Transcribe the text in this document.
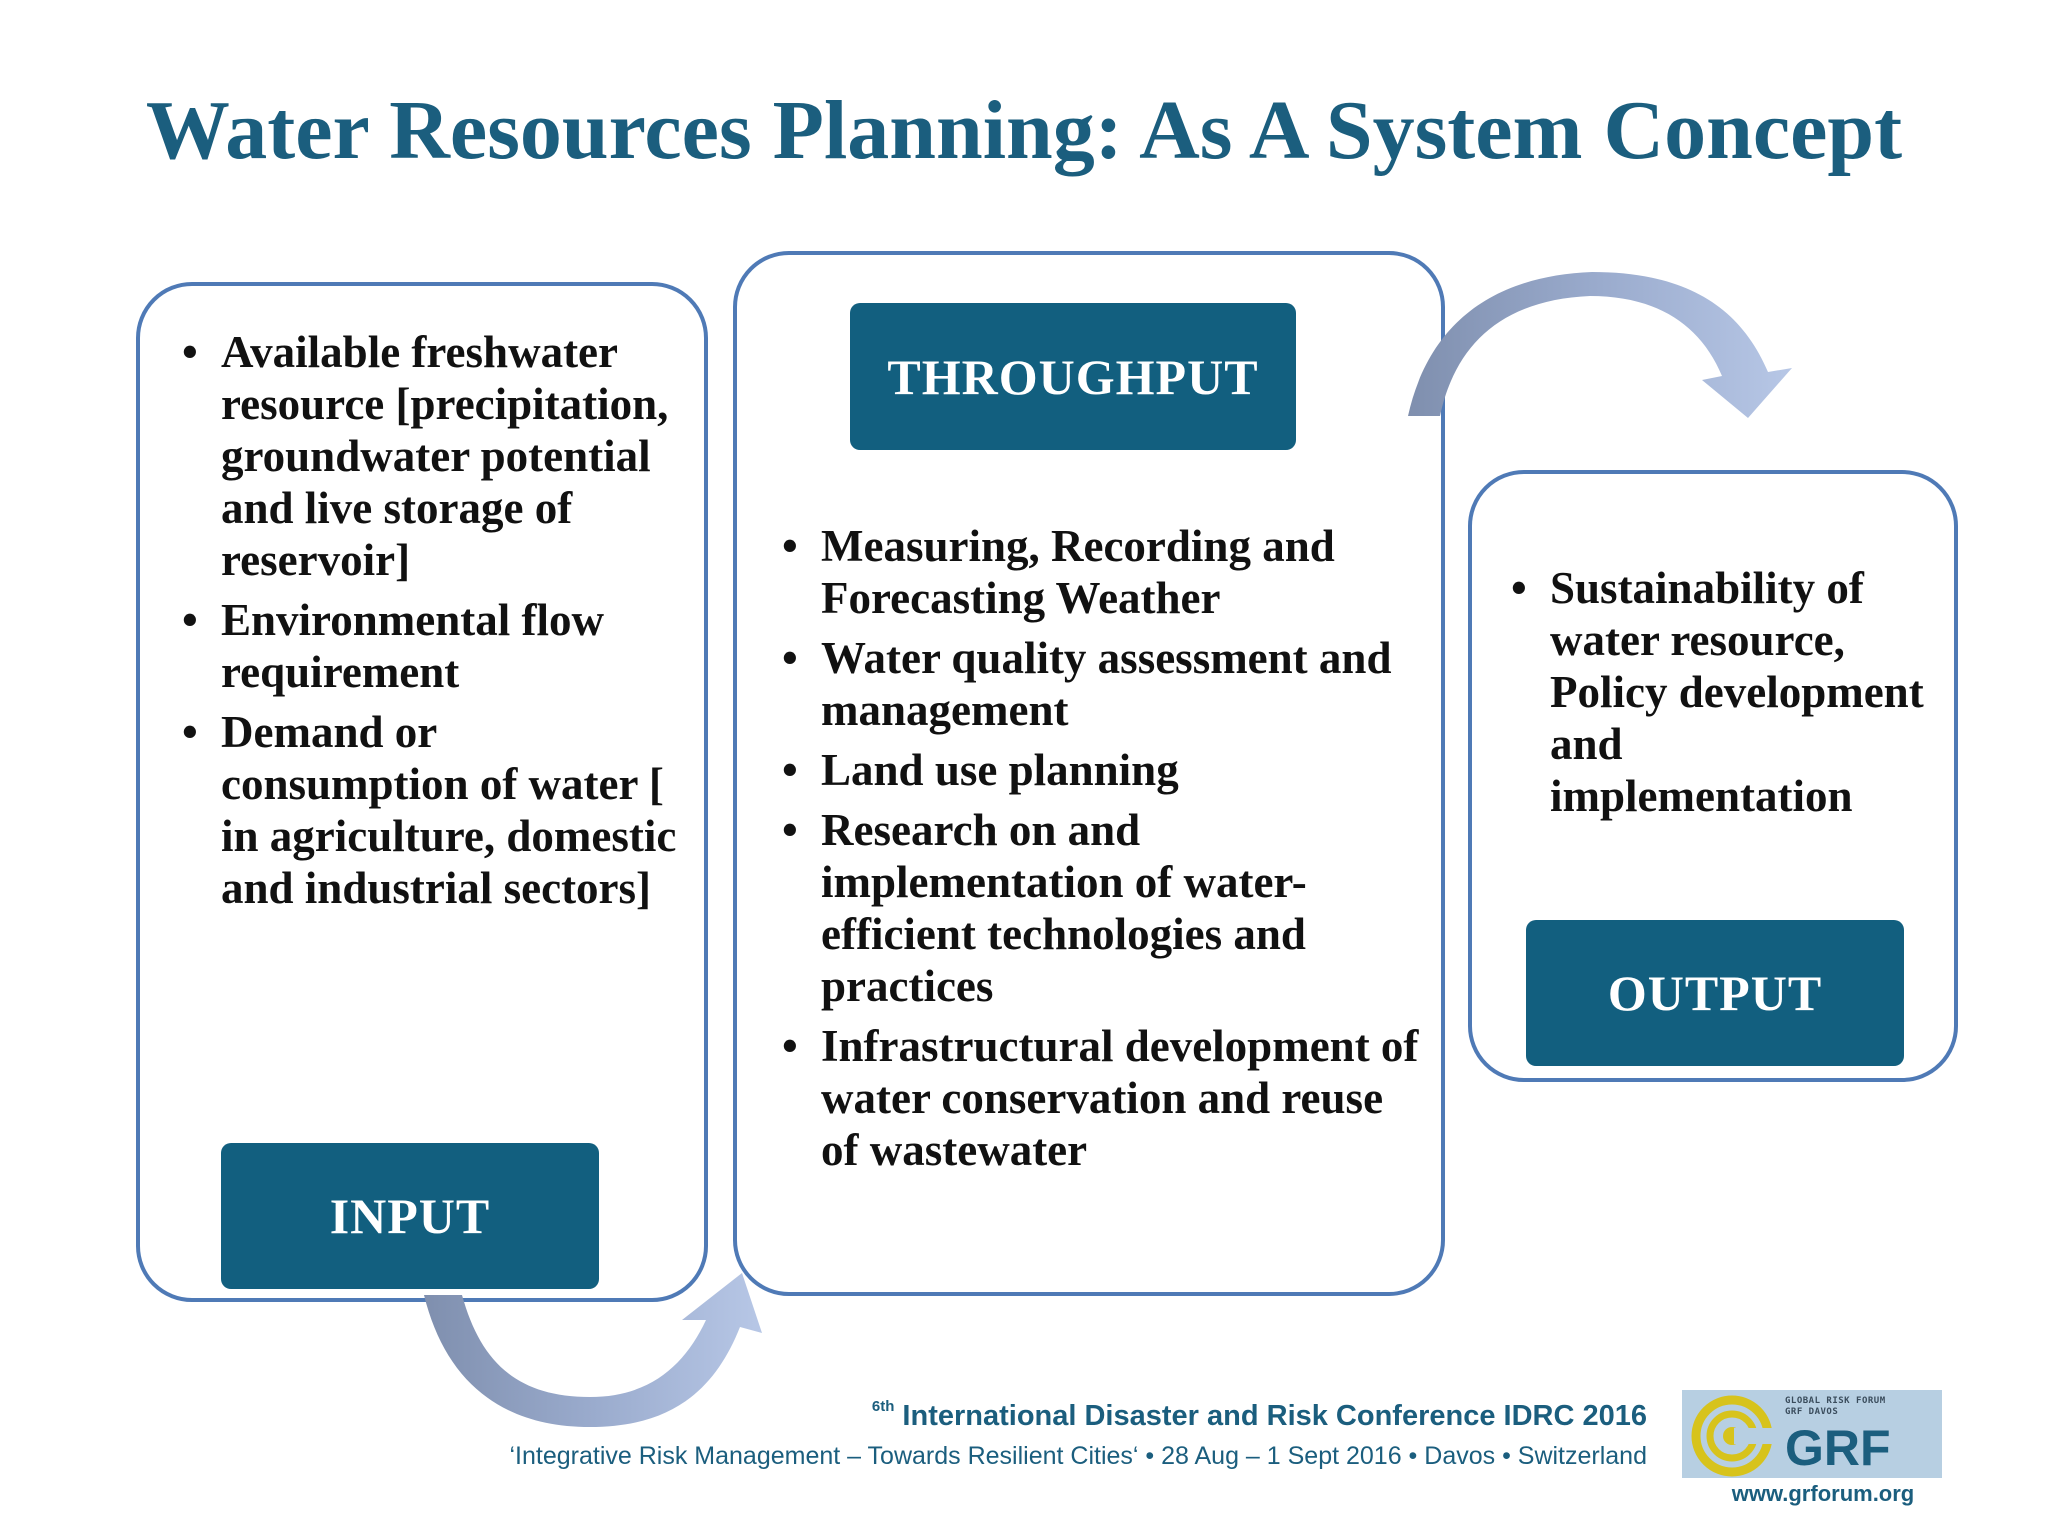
Water Resources Planning: As A System Concept
• Available freshwater resource [precipitation, groundwater potential and live storage of reservoir]
• Environmental flow requirement
• Demand or consumption of water [ in agriculture, domestic and industrial sectors]
INPUT
THROUGHPUT
• Measuring, Recording and Forecasting Weather
• Water quality assessment and management
• Land use planning
• Research on and implementation of water-efficient technologies and practices
• Infrastructural development of water conservation and reuse of wastewater
• Sustainability of water resource, Policy development and implementation
OUTPUT
$^{6th}$ International Disaster and Risk Conference IDRC 2016
‘Integrative Risk Management – Towards Resilient Cities‘ • 28 Aug – 1 Sept 2016 • Davos • Switzerland
GLOBAL RISK FORUM
GRF DAVOS
GRF
www.grforum.org
